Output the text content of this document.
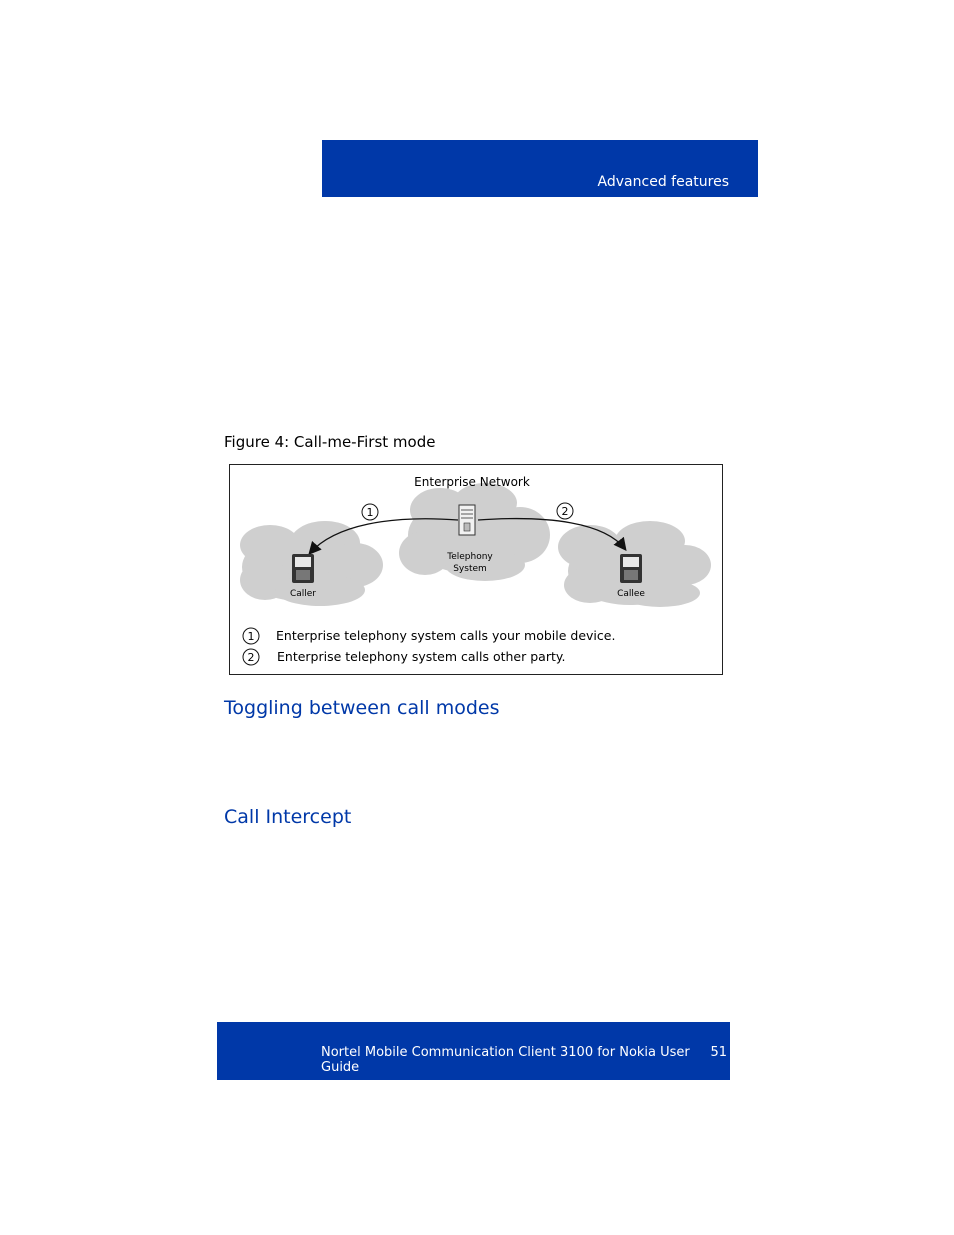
Advanced features
Figure 4: Call-me-First mode
1	2
Enterprise Network
Telephony
System
Caller	Callee
1 Enterprise telephony system calls your mobile device.
2 Enterprise telephony system calls other party.
Toggling between call modes
Call Intercept
Nortel Mobile Communication Client 3100 for Nokia User Guide
51
